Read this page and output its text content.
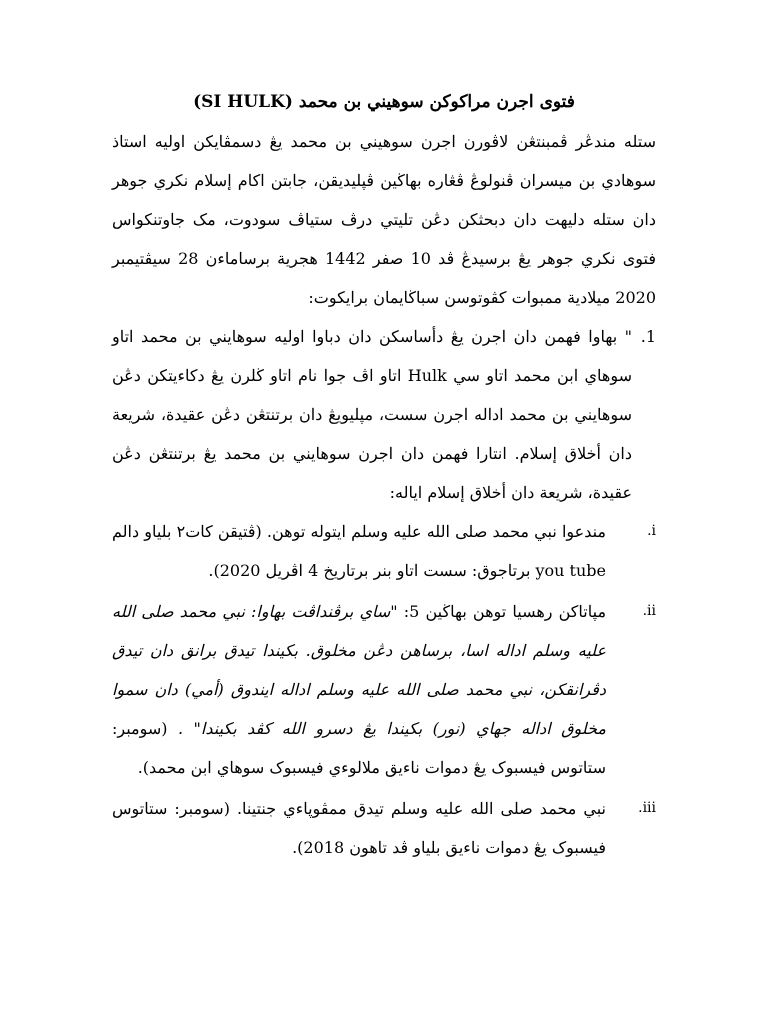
فتوى اجرن مراكوكن سوهيني بن محمد (SI HULK)

ستله مندڠر ڤمبنتڠن لاڤورن اجرن سوهيني بن محمد يڠ دسمڤايكن اوليه استاذ سوهادي بن ميسران ڤنولوڠ ڤڠاره بهاڬين ڤپليديقن، جابتن اكام إسلام نكري جوهر دان ستله دليهت دان دبحثكن دڠن تليتي درڤ ستياڤ سودوت، مک جاوتنكواس فتوى نكري جوهر يڠ برسيدڠ ڤد 10 صفر 1442 هجرية برساماءن 28 سيڤتيمبر 2020 ميلادية ممبوات كڤوتوسن سباڬايمان برايكوت:

1.
" بهاوا فهمن دان اجرن يڠ دأساسكن دان دباوا اوليه سوهايني بن محمد اتاو سوهاي ابن محمد اتاو سي Hulk اتاو اڤ جوا نام اتاو ڬلرن يڠ دكاءيتكن دڠن سوهايني بن محمد اداله اجرن سست، مپليويڠ دان برتنتڠن دڠن عقيدة، شريعة دان أخلاق إسلام. انتارا فهمن دان اجرن سوهايني بن محمد يڠ برتنتڠن دڠن عقيدة، شريعة دان أخلاق إسلام اياله:
i.
مندعوا نبي محمد صلى الله عليه وسلم ايتوله توهن. (ڤتيقن كات٢ بلياو دالم you tube برتاجوق: سست اتاو بنر برتاريخ 4 اڤريل 2020).
ii.
مپاتاكن رهسيا توهن بهاڬين 5: "ساي برڤنداڤت بهاوا: نبي محمد صلى الله عليه وسلم اداله اسا، برساهن دڠن مخلوق. بكيندا تيدق برانق دان تيدق دڤرانقكن، نبي محمد صلى الله عليه وسلم اداله ايندوق (أمي) دان سموا مخلوق اداله جهاي (نور) بكيندا يڠ دسرو الله كڤد بكيندا" . (سومبر: ستاتوس فيسبوک يڠ دموات ناءيق ملالوءي فيسبوک سوهاي ابن محمد).
iii.
نبي محمد صلى الله عليه وسلم تيدق ممڤوڽاءي جنتينا. (سومبر: ستاتوس فيسبوک يڠ دموات ناءيق بلياو ڤد تاهون 2018).
